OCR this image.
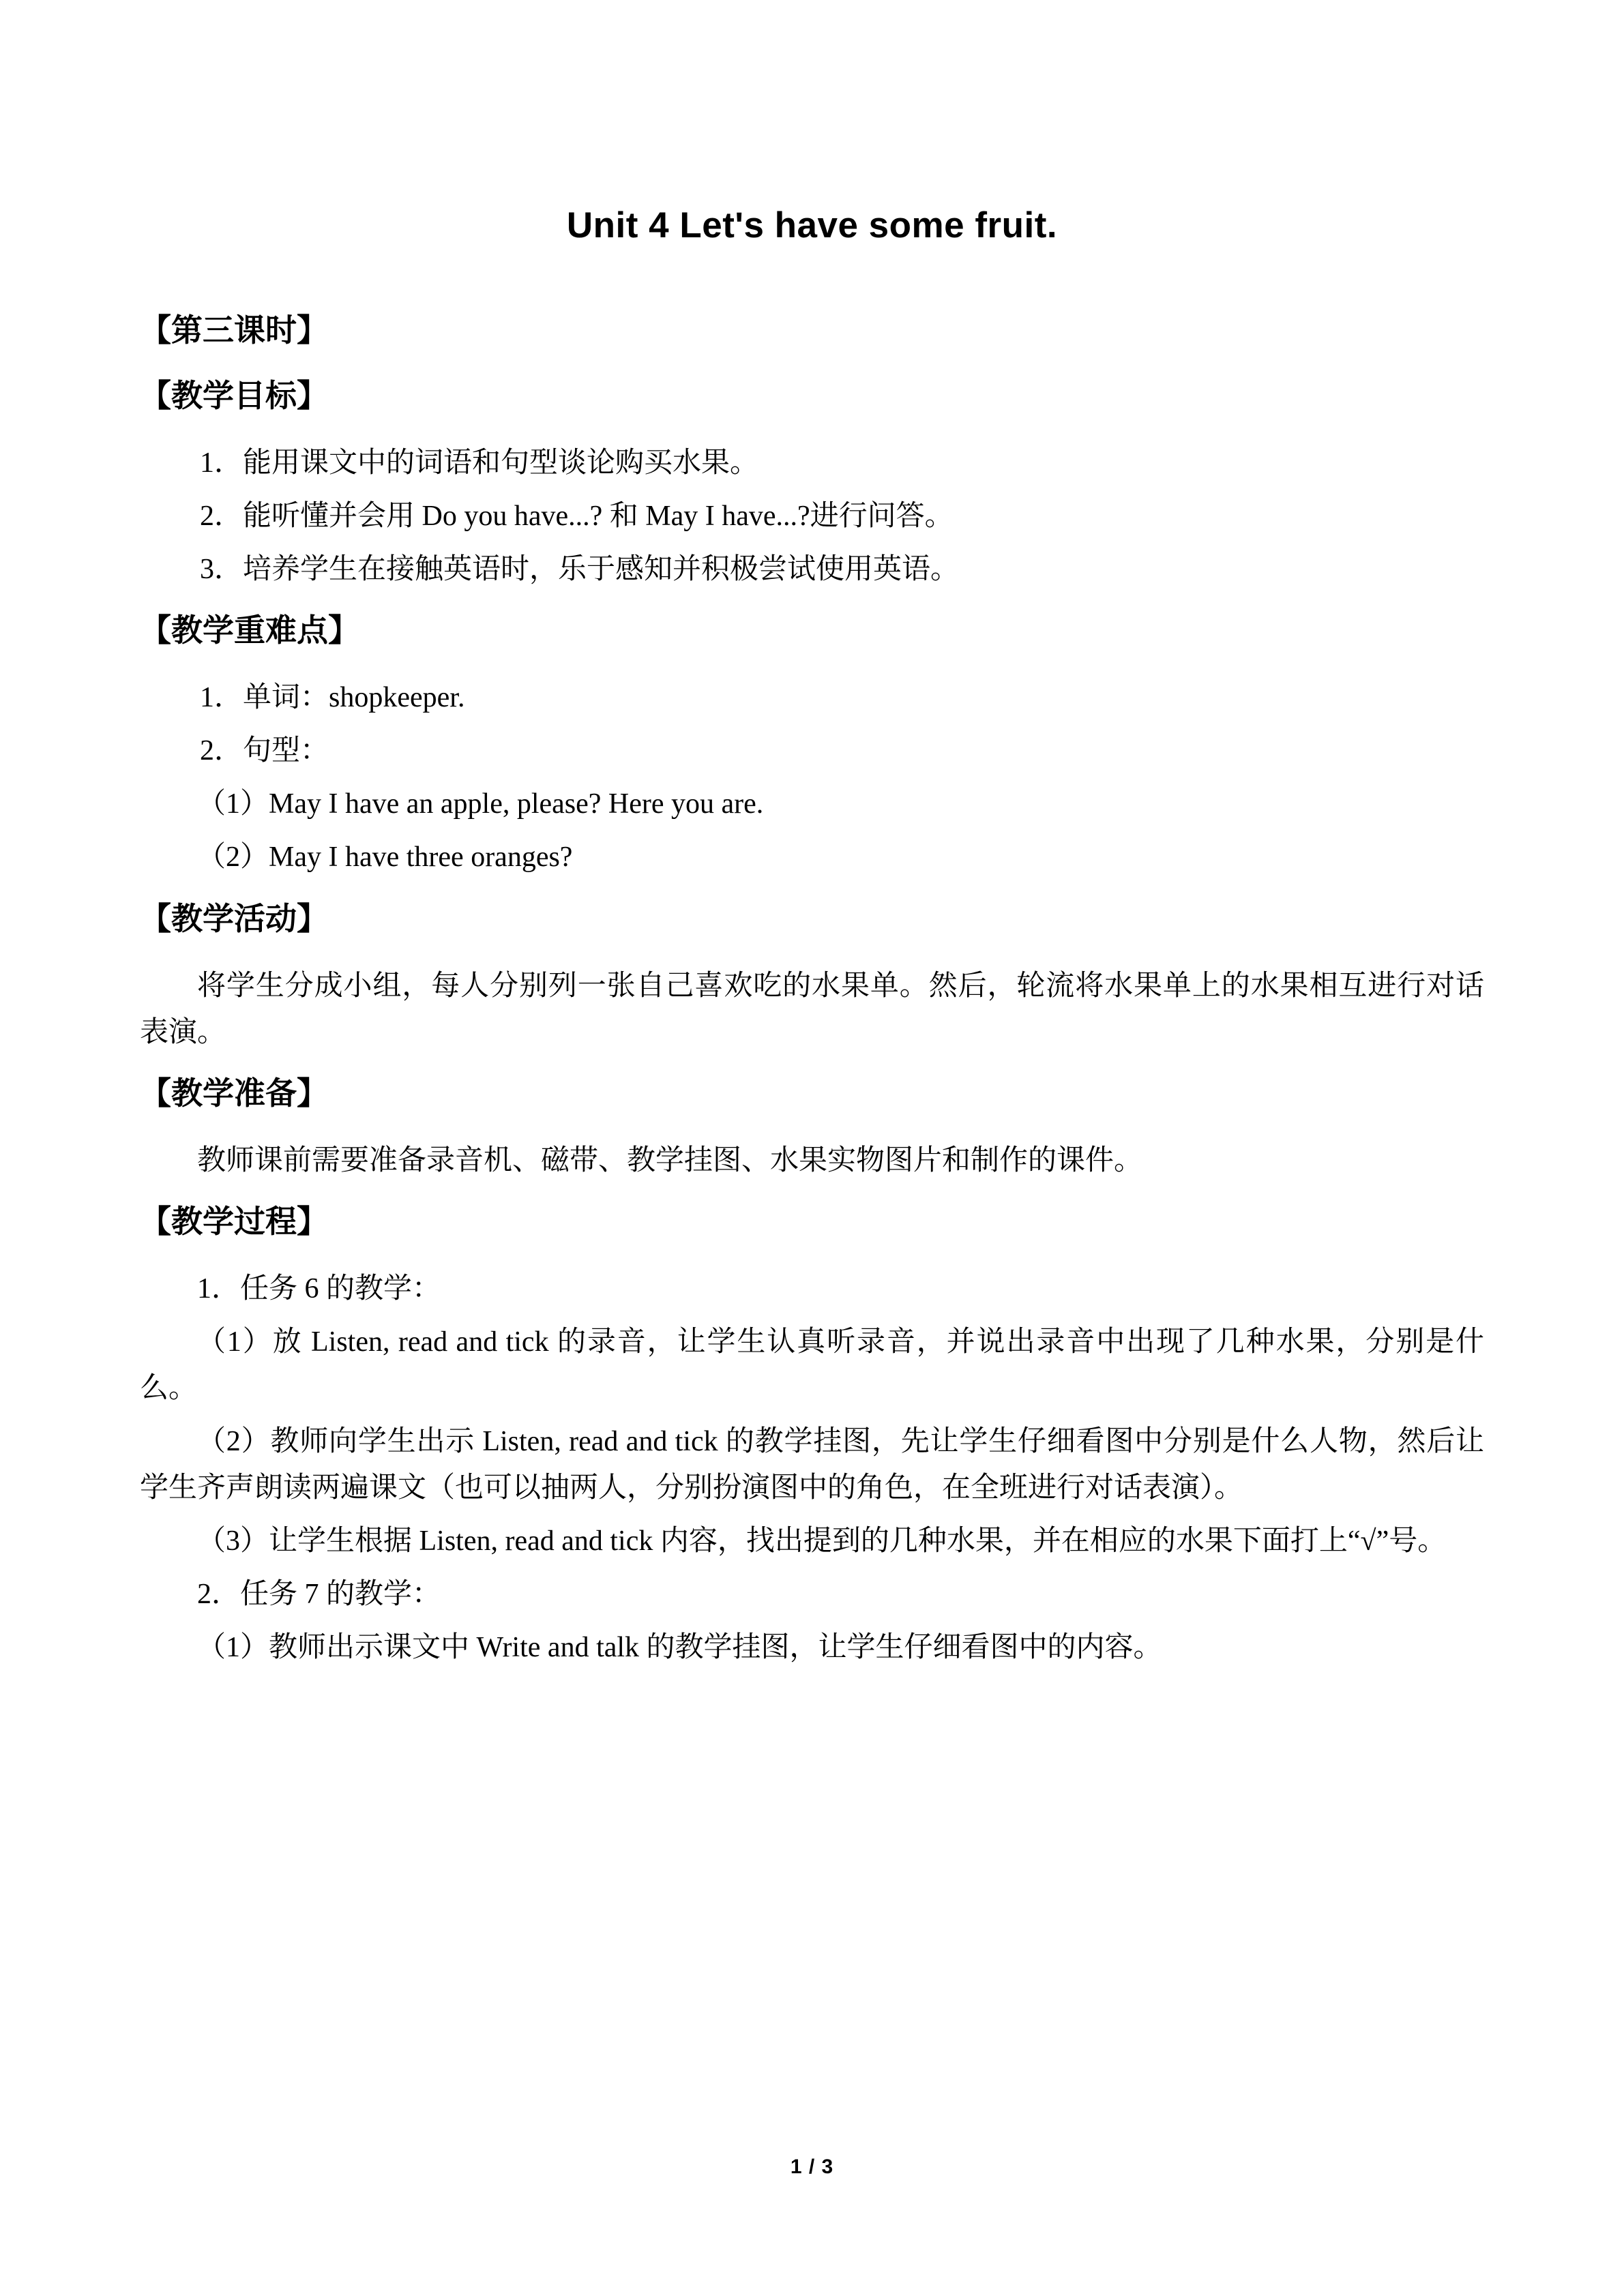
Unit 4 Let's have some fruit.
【第三课时】
【教学目标】

1．能用课文中的词语和句型谈论购买水果。

2．能听懂并会用 Do you have...? 和 May I have...?进行问答。

3．培养学生在接触英语时，乐于感知并积极尝试使用英语。

【教学重难点】

1．单词：shopkeeper.

2．句型：

（1）May I have an apple, please? Here you are.

（2）May I have three oranges?

【教学活动】

将学生分成小组，每人分别列一张自己喜欢吃的水果单。然后，轮流将水果单上的水果相互进行对话表演。

【教学准备】

教师课前需要准备录音机、磁带、教学挂图、水果实物图片和制作的课件。

【教学过程】

1．任务 6 的教学：

（1）放 Listen, read and tick 的录音，让学生认真听录音，并说出录音中出现了几种水果，分别是什么。

（2）教师向学生出示 Listen, read and tick 的教学挂图，先让学生仔细看图中分别是什么人物，然后让学生齐声朗读两遍课文（也可以抽两人，分别扮演图中的角色，在全班进行对话表演）。

（3）让学生根据 Listen, read and tick 内容，找出提到的几种水果，并在相应的水果下面打上“√”号。

2．任务 7 的教学：

（1）教师出示课文中 Write and talk 的教学挂图，让学生仔细看图中的内容。

1 / 3
